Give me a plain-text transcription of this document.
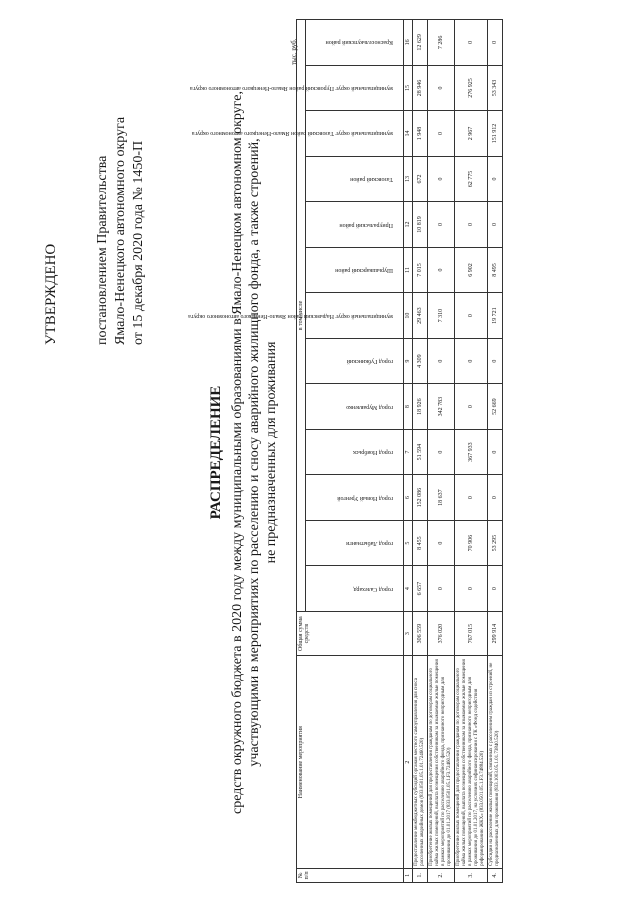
УТВЕРЖДЕНО	постановлением Правительства Ямало-Ненецкого автономного округа от 15 декабря 2020 года № 1450-П
РАСПРЕДЕЛЕНИЕ средств окружного бюджета в 2020 году между муниципальными образованиями в Ямало-Ненецком автономном округе, участвующими в мероприятиях по расселению и сносу аварийного жилищного фонда, а также строений, не предназначенных для проживания
тыс. руб.
№ п/п	Наименование мероприятия	Общая сумма средств	в том числе												

			город Салехард	город Лабытнанги	город Новый Уренгой	город Ноябрьск	город Муравленко	город Губкинский	муниципальный округ Надымский район Ямало-Ненецкого автономного округа	Шурышкарский район	Приуральский район	Тазовский район	муниципальный округ Тазовский район Ямало-Ненецкого автономного округа	муниципальный округ Пуровский район Ямало-Ненецкого автономного округа	Красноселькупский район

1	2	3	4	5	6	7	8	9	10	11	12	13	14	15	16
1.	Предоставление межбюджетных субсидий органам местного самоуправления для сноса расселенных аварийных домов (833.0501.05.1.01.72460.520)	306 559	6 657	8 455	152 086	51 594	18 926	4 309	29 463	7 015	10 819	672	1 948	28 946	12 629
2.	Приобретение жилых помещений для предоставления гражданам по договорам социального найма жилых помещений, выплата возмещения собственникам за изымаемые жилые помещения в рамках мероприятий по расселению аварийного фонда, признанного непригодным для проживания до 01.01.2017 (833.0501.05.1.F3.72460.520)	376 020	0	0	18 637	0	342 783	0	7 310	0	0	0	0	0	7 286
3.	Приобретение жилых помещений для предоставления гражданам по договорам социального найма жилых помещений, выплата возмещения собственникам за изымаемые жилые помещения в рамках мероприятий по расселению аварийного фонда, признанного непригодным для проживания до 01.01.2017, на условиях софинансирования с ГК «Фонд содействия реформированию ЖКХ» (833.0501.05.1.F3.74884.520)	767 015	0	70 906	0	367 933	0	0	0	6 902	0	62 775	2 967	276 925	0
4.	Субсидии на расселение жилых помещений, связанных с расселением граждан из строений, не предназначенных для проживания (833.1003.05.1.01.73840.520)	299 914	0	53 295	0	0	52 669	0	19 721	8 495	0	0	151 912	53 343	0
